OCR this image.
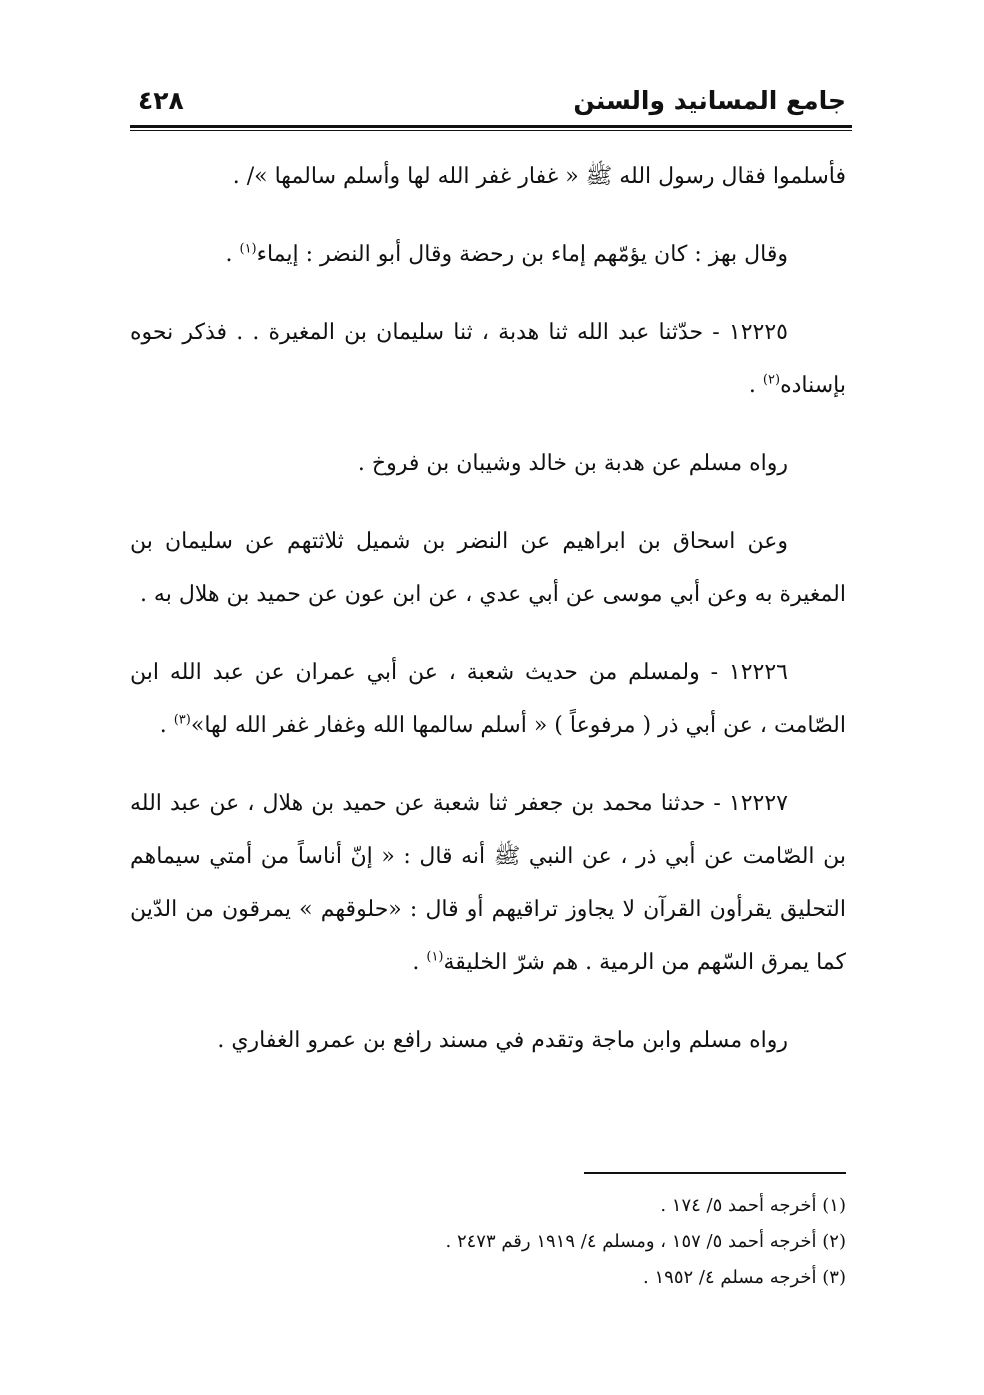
جامع المسانيد والسنن
٤٢٨

فأسلموا فقال رسول الله ﷺ « غفار غفر الله لها وأسلم سالمها »/ .

وقال بهز : كان يؤمّهم إماء بن رحضة وقال أبو النضر : إيماء$^{(١)}$ .

١٢٢٢٥ - حدّثنا عبد الله ثنا هدبة ، ثنا سليمان بن المغيرة . . فذكر نحوه بإسناده$^{(٢)}$ .

رواه مسلم عن هدبة بن خالد وشيبان بن فروخ .

وعن اسحاق بن ابراهيم عن النضر بن شميل ثلاثتهم عن سليمان بن المغيرة به وعن أبي موسى عن أبي عدي ، عن ابن عون عن حميد بن هلال به .

١٢٢٢٦ - ولمسلم من حديث شعبة ، عن أبي عمران عن عبد الله ابن الصّامت ، عن أبي ذر ( مرفوعاً ) « أسلم سالمها الله وغفار غفر الله لها»$^{(٣)}$ .

١٢٢٢٧ - حدثنا محمد بن جعفر ثنا شعبة عن حميد بن هلال ، عن عبد الله بن الصّامت عن أبي ذر ، عن النبي ﷺ أنه قال : « إنّ أناساً من أمتي سيماهم التحليق يقرأون القرآن لا يجاوز تراقيهم أو قال : «حلوقهم » يمرقون من الدّين كما يمرق السّهم من الرمية . هم شرّ الخليقة$^{(١)}$ .

رواه مسلم وابن ماجة وتقدم في مسند رافع بن عمرو الغفاري .

(١) أخرجه أحمد ٥/ ١٧٤ .

(٢) أخرجه أحمد ٥/ ١٥٧ ، ومسلم ٤/ ١٩١٩ رقم ٢٤٧٣ .

(٣) أخرجه مسلم ٤/ ١٩٥٢ .
